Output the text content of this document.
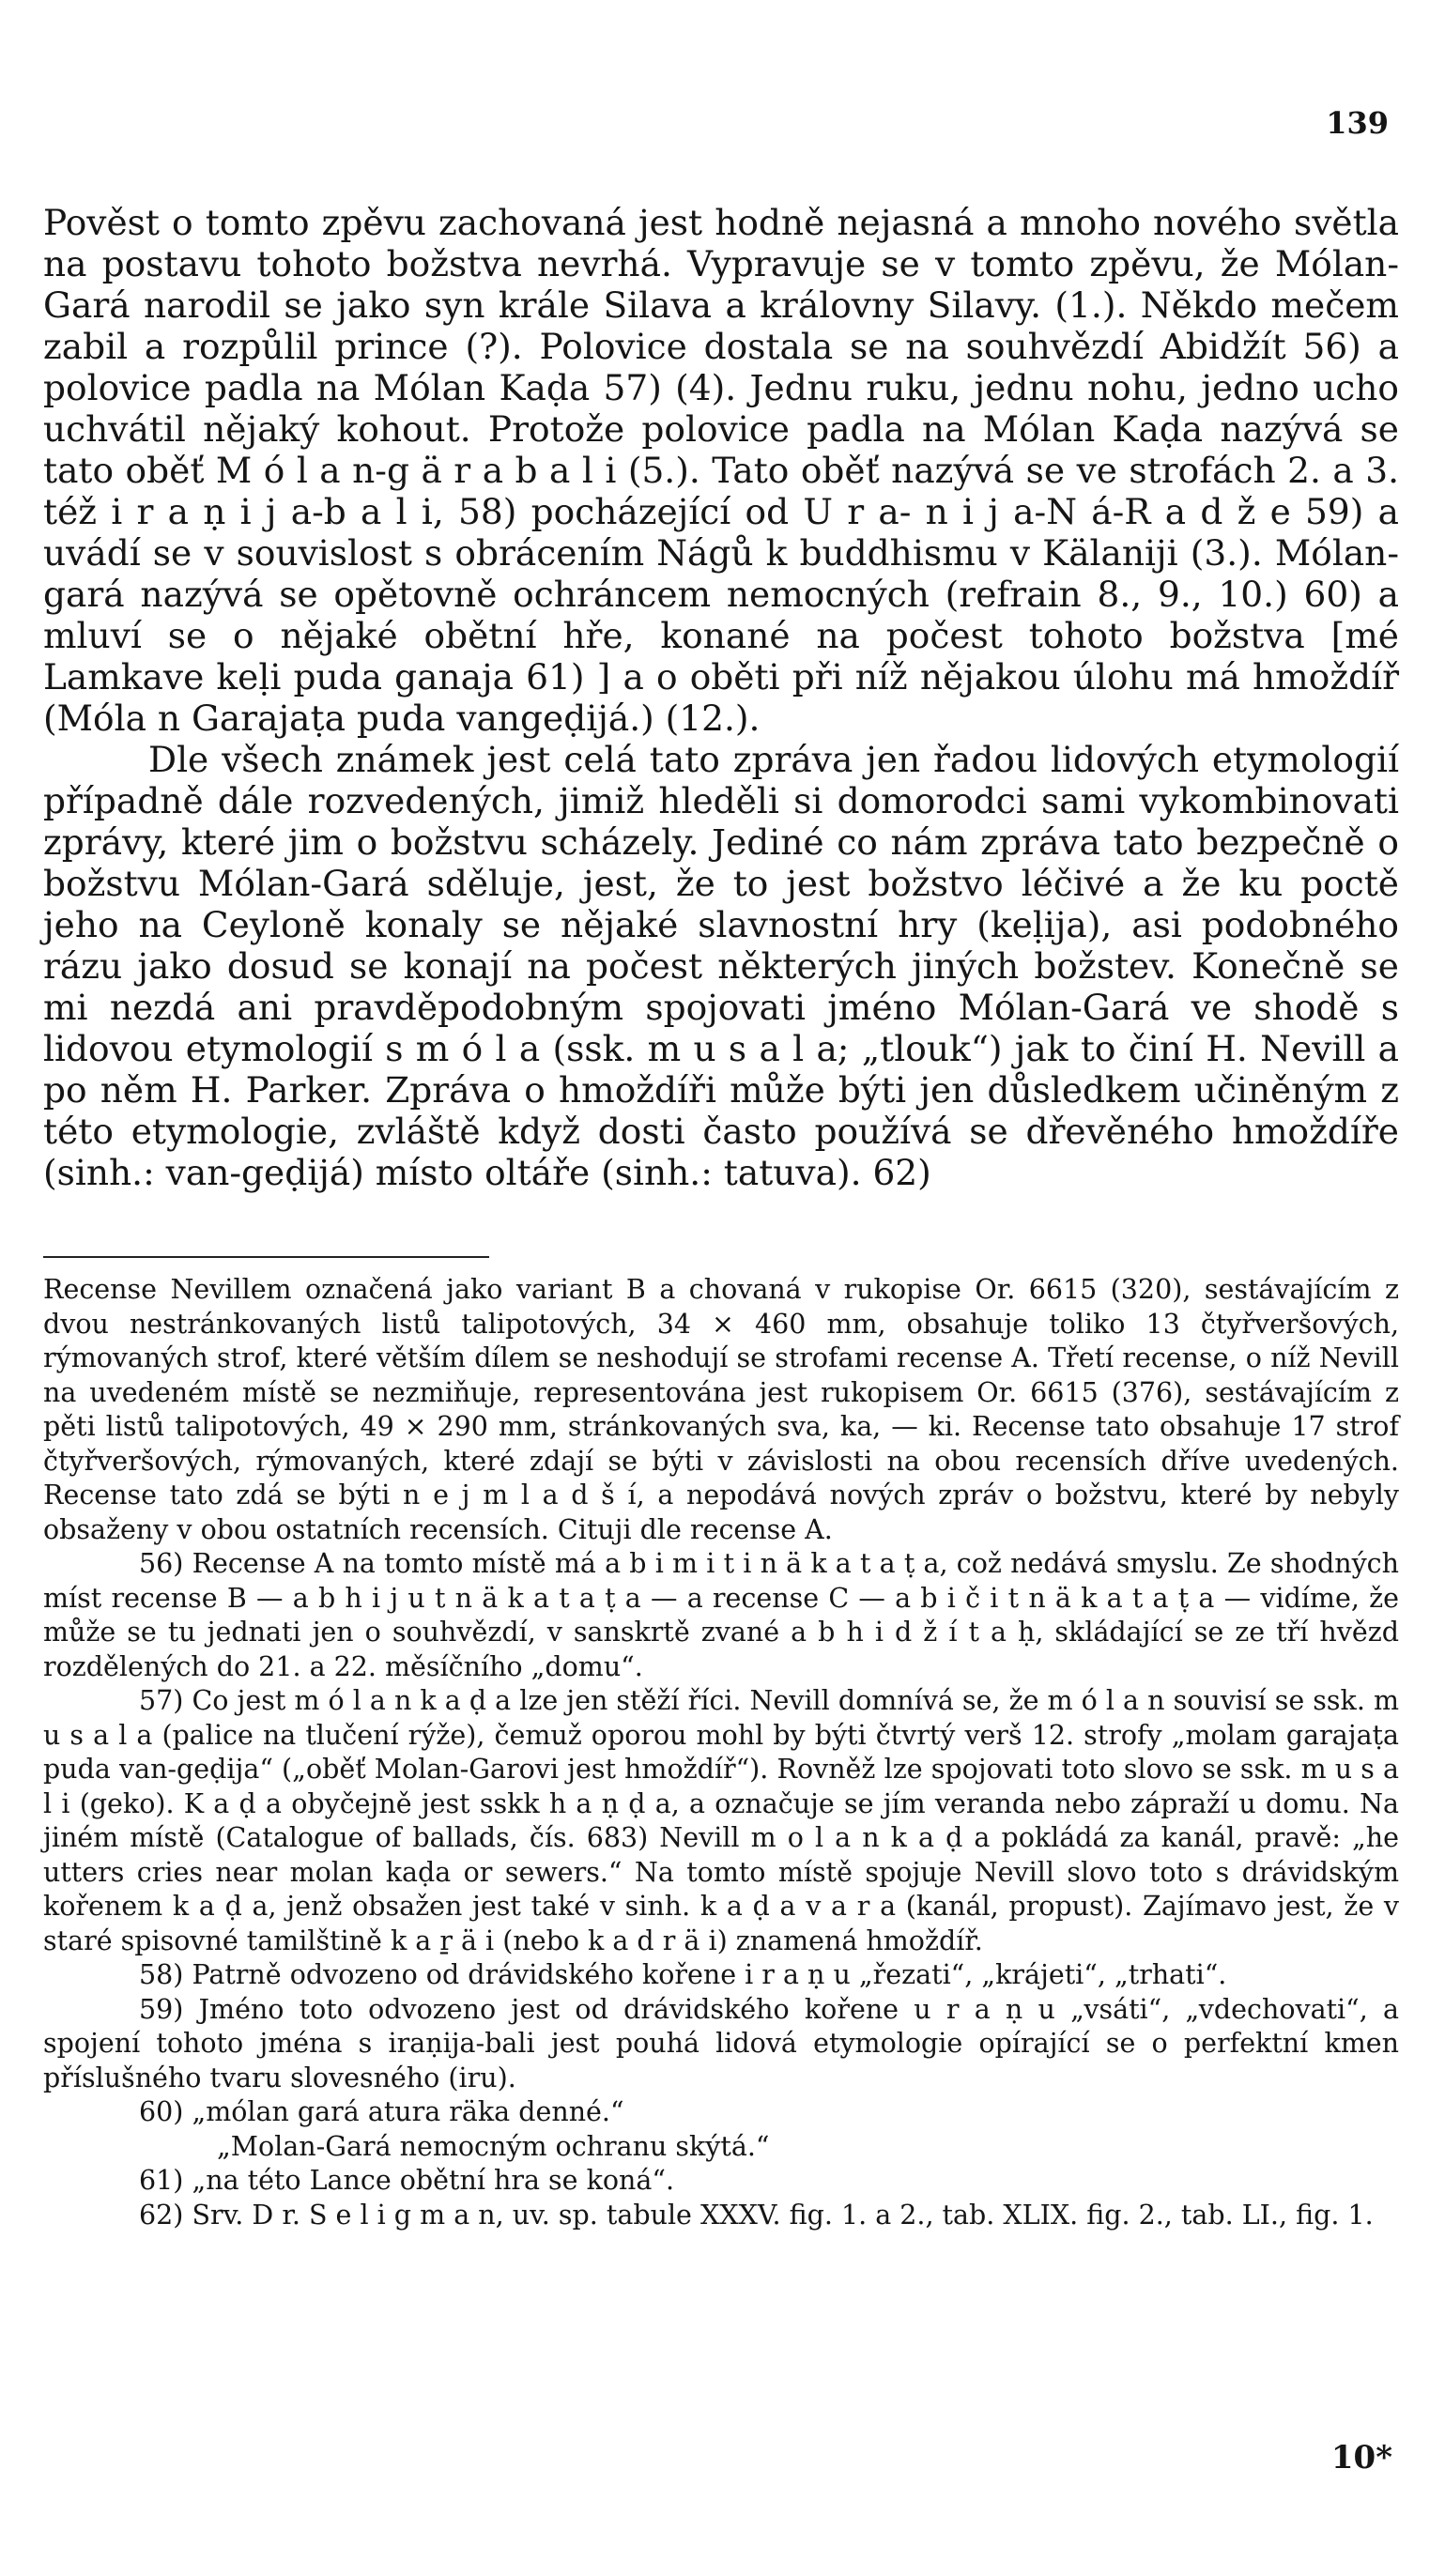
139

Pověst o tomto zpěvu zachovaná jest hodně nejasná a mnoho nového světla na postavu tohoto božstva nevrhá. Vypravuje se v tomto zpěvu, že Mólan-Gará narodil se jako syn krále Silava a královny Silavy. (1.). Někdo mečem zabil a rozpůlil prince (?). Polovice dostala se na souhvězdí Abidžít 56) a polovice padla na Mólan Kaḍa 57) (4). Jednu ruku, jednu nohu, jedno ucho uchvátil nějaký kohout. Protože polovice padla na Mólan Kaḍa nazývá se tato oběť M ó l a n-g ä r a b a l i (5.). Tato oběť nazývá se ve strofách 2. a 3. též i r a ṇ i j a-b a l i, 58) pocházející od U r a- n i j a-N á-R a d ž e 59) a uvádí se v souvislost s obrácením Nágů k buddhismu v Kälaniji (3.). Mólan-gará nazývá se opětovně ochráncem nemocných (refrain 8., 9., 10.) 60) a mluví se o nějaké obětní hře, konané na počest tohoto božstva [mé Lamkave keḷi puda ganaja 61) ] a o oběti při níž nějakou úlohu má hmoždíř (Móla n Garajaṭa puda vangeḍijá.) (12.).

Dle všech známek jest celá tato zpráva jen řadou lidových etymologií případně dále rozvedených, jimiž hleděli si domorodci sami vykombinovati zprávy, které jim o božstvu scházely. Jediné co nám zpráva tato bezpečně o božstvu Mólan-Gará sděluje, jest, že to jest božstvo léčivé a že ku poctě jeho na Ceyloně konaly se nějaké slavnostní hry (keḷija), asi podobného rázu jako dosud se konají na počest některých jiných božstev. Konečně se mi nezdá ani pravděpodobným spojovati jméno Mólan-Gará ve shodě s lidovou etymologií s m ó l a (ssk. m u s a l a; „tlouk“) jak to činí H. Nevill a po něm H. Parker. Zpráva o hmoždíři může býti jen důsledkem učiněným z této etymologie, zvláště když dosti často používá se dřevěného hmoždíře (sinh.: van-geḍijá) místo oltáře (sinh.: tatuva). 62)

Recense Nevillem označená jako variant B a chovaná v rukopise Or. 6615 (320), sestávajícím z dvou nestránkovaných listů talipotových, 34 × 460 mm, obsahuje toliko 13 čtyřveršových, rýmovaných strof, které větším dílem se neshodují se strofami recense A. Třetí recense, o níž Nevill na uvedeném místě se nezmiňuje, representována jest rukopisem Or. 6615 (376), sestávajícím z pěti listů talipotových, 49 × 290 mm, stránkovaných sva, ka, — ki. Recense tato obsahuje 17 strof čtyřveršových, rýmovaných, které zdají se býti v závislosti na obou recensích dříve uvedených. Recense tato zdá se býti n e j m l a d š í, a nepodává nových zpráv o božstvu, které by nebyly obsaženy v obou ostatních recensích. Cituji dle recense A.

56) Recense A na tomto místě má a b i m i t i n ä k a t a ṭ a, což nedává smyslu. Ze shodných míst recense B — a b h i j u t n ä k a t a ṭ a — a recense C — a b i č i t n ä k a t a ṭ a — vidíme, že může se tu jednati jen o souhvězdí, v sanskrtě zvané a b h i d ž í t a ḥ, skládající se ze tří hvězd rozdělených do 21. a 22. měsíčního „domu“.

57) Co jest m ó l a n k a ḍ a lze jen stěží říci. Nevill domnívá se, že m ó l a n souvisí se ssk. m u s a l a (palice na tlučení rýže), čemuž oporou mohl by býti čtvrtý verš 12. strofy „molam garajaṭa puda van-geḍija“ („oběť Molan-Garovi jest hmoždíř“). Rovněž lze spojovati toto slovo se ssk. m u s a l i (geko). K a ḍ a obyčejně jest sskk h a ṇ ḍ a, a označuje se jím veranda nebo zápraží u domu. Na jiném místě (Catalogue of ballads, čís. 683) Nevill m o l a n k a ḍ a pokládá za kanál, pravě: „he utters cries near molan kaḍa or sewers.“ Na tomto místě spojuje Nevill slovo toto s drávidským kořenem k a ḍ a, jenž obsažen jest také v sinh. k a ḍ a v a r a (kanál, propust). Zajímavo jest, že v staré spisovné tamilštině k a ṟ ä i (nebo k a d r ä i) znamená hmoždíř.

58) Patrně odvozeno od drávidského kořene i r a ṇ u „řezati“, „krájeti“, „trhati“.

59) Jméno toto odvozeno jest od drávidského kořene u r a ṇ u „vsáti“, „vdechovati“, a spojení tohoto jména s iraṇija-bali jest pouhá lidová etymologie opírající se o perfektní kmen příslušného tvaru slovesného (iru).

60) „mólan gará atura räka denné.“

„Molan-Gará nemocným ochranu skýtá.“

61) „na této Lance obětní hra se koná“.

62) Srv. D r. S e l i g m a n, uv. sp. tabule XXXV. fig. 1. a 2., tab. XLIX. fig. 2., tab. LI., fig. 1.

10*
